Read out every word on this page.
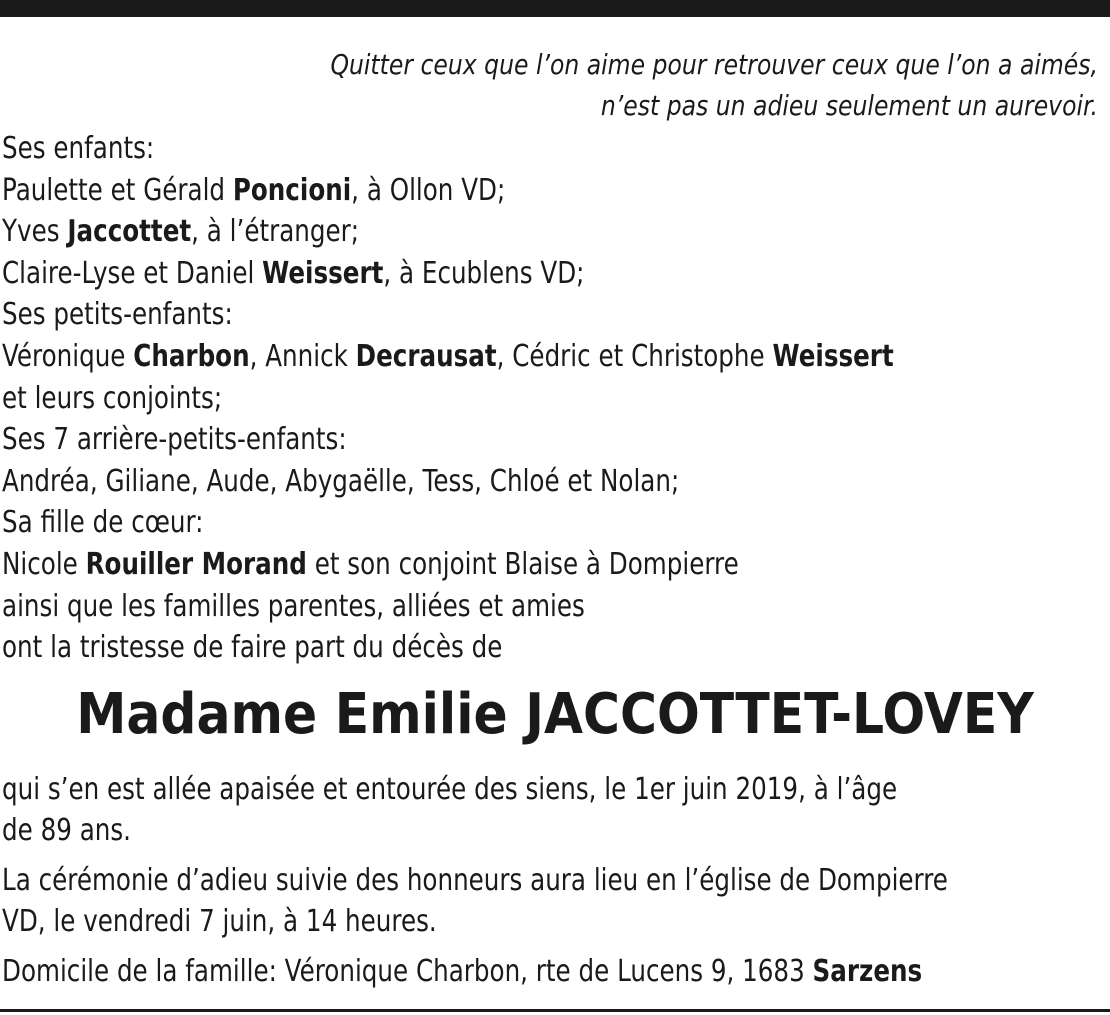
Quitter ceux que l’on aime pour retrouver ceux que l’on a aimés,
n’est pas un adieu seulement un aurevoir.
Ses enfants:
Paulette et Gérald Poncioni, à Ollon VD;
Yves Jaccottet, à l’étranger;
Claire-Lyse et Daniel Weissert, à Ecublens VD;
Ses petits-enfants:
Véronique Charbon, Annick Decrausat, Cédric et Christophe Weissert
et leurs conjoints;
Ses 7 arrière-petits-enfants:
Andréa, Giliane, Aude, Abygaëlle, Tess, Chloé et Nolan;
Sa fille de cœur:
Nicole Rouiller Morand et son conjoint Blaise à Dompierre
ainsi que les familles parentes, alliées et amies
ont la tristesse de faire part du décès de
Madame Emilie JACCOTTET-LOVEY
qui s’en est allée apaisée et entourée des siens, le 1er juin 2019, à l’âge
de 89 ans.
La cérémonie d’adieu suivie des honneurs aura lieu en l’église de Dompierre
VD, le vendredi 7 juin, à 14 heures.
Domicile de la famille: Véronique Charbon, rte de Lucens 9, 1683 Sarzens
